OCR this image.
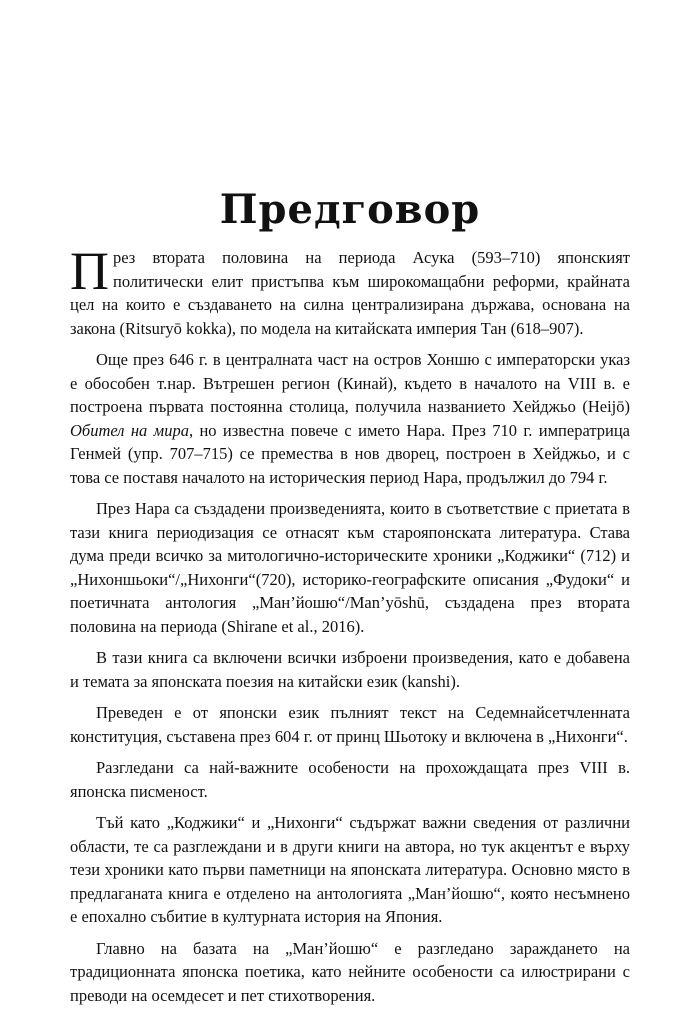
Предговор

През втората половина на периода Асука (593–710) японският политически елит пристъпва към широкомащабни реформи, крайната цел на които е създаването на силна централизирана държава, основана на закона (Ritsuryō kokka), по модела на китайската империя Тан (618–907).

Още през 646 г. в централната част на остров Хоншю с императорски указ е обособен т.нар. Вътрешен регион (Кинай), където в началото на VIII в. е построена първата постоянна столица, получила названието Хейджьо (Heijō) Обител на мира, но известна повече с името Нара. През 710 г. императрица Генмей (упр. 707–715) се премества в нов дворец, построен в Хейджьо, и с това се поставя началото на историческия период Нара, продължил до 794 г.

През Нара са създадени произведенията, които в съответствие с приетата в тази книга периодизация се отнасят към старояпонската литература. Става дума преди всичко за митологично-историческите хроники „Коджики“ (712) и „Нихоншьоки“/„Нихонги“(720), историко-географските описания „Фудоки“ и поетичната антология „Ман’йошю“/Man’yōshū, създадена през втората половина на периода (Shirane et al., 2016).

В тази книга са включени всички изброени произведения, като е добавена и темата за японската поезия на китайски език (kanshi).

Преведен е от японски език пълният текст на Седемнайсетчленната конституция, съставена през 604 г. от принц Шьотоку и включена в „Нихонги“.

Разгледани са най-важните особености на прохождащата през VIII в. японска писменост.

Тъй като „Коджики“ и „Нихонги“ съдържат важни сведения от различни области, те са разглеждани и в други книги на автора, но тук акцентът е върху тези хроники като първи паметници на японската литература. Основно място в предлаганата книга е отделено на антологията „Ман’йошю“, която несъмнено е епохално събитие в културната история на Япония.

Главно на базата на „Ман’йошю“ е разгледано зараждането на традиционната японска поетика, като нейните особености са илюстрирани с преводи на осемдесет и пет стихотворения.
